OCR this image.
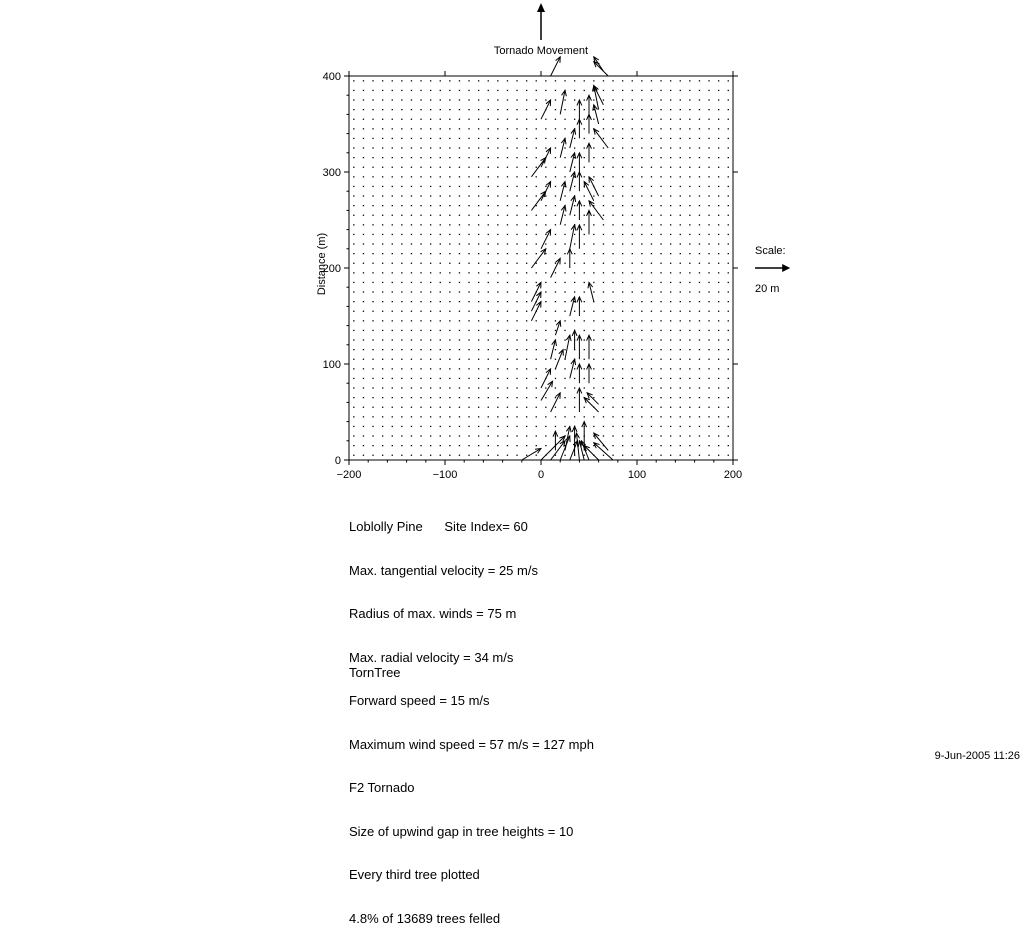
−200	−100	0	100	200
0
100
200
300
400
Tornado Movement
Distance (m)	Scale:
20 m

Loblolly Pine      Site Index= 60

Max. tangential velocity = 25 m/s

Radius of max. winds = 75 m

Max. radial velocity = 34 m/s

Forward speed = 15 m/s

Maximum wind speed = 57 m/s = 127 mph

F2 Tornado

Size of upwind gap in tree heights = 10

Every third tree plotted

4.8% of 13689 trees felled

TornTree
9-Jun-2005 11:26
